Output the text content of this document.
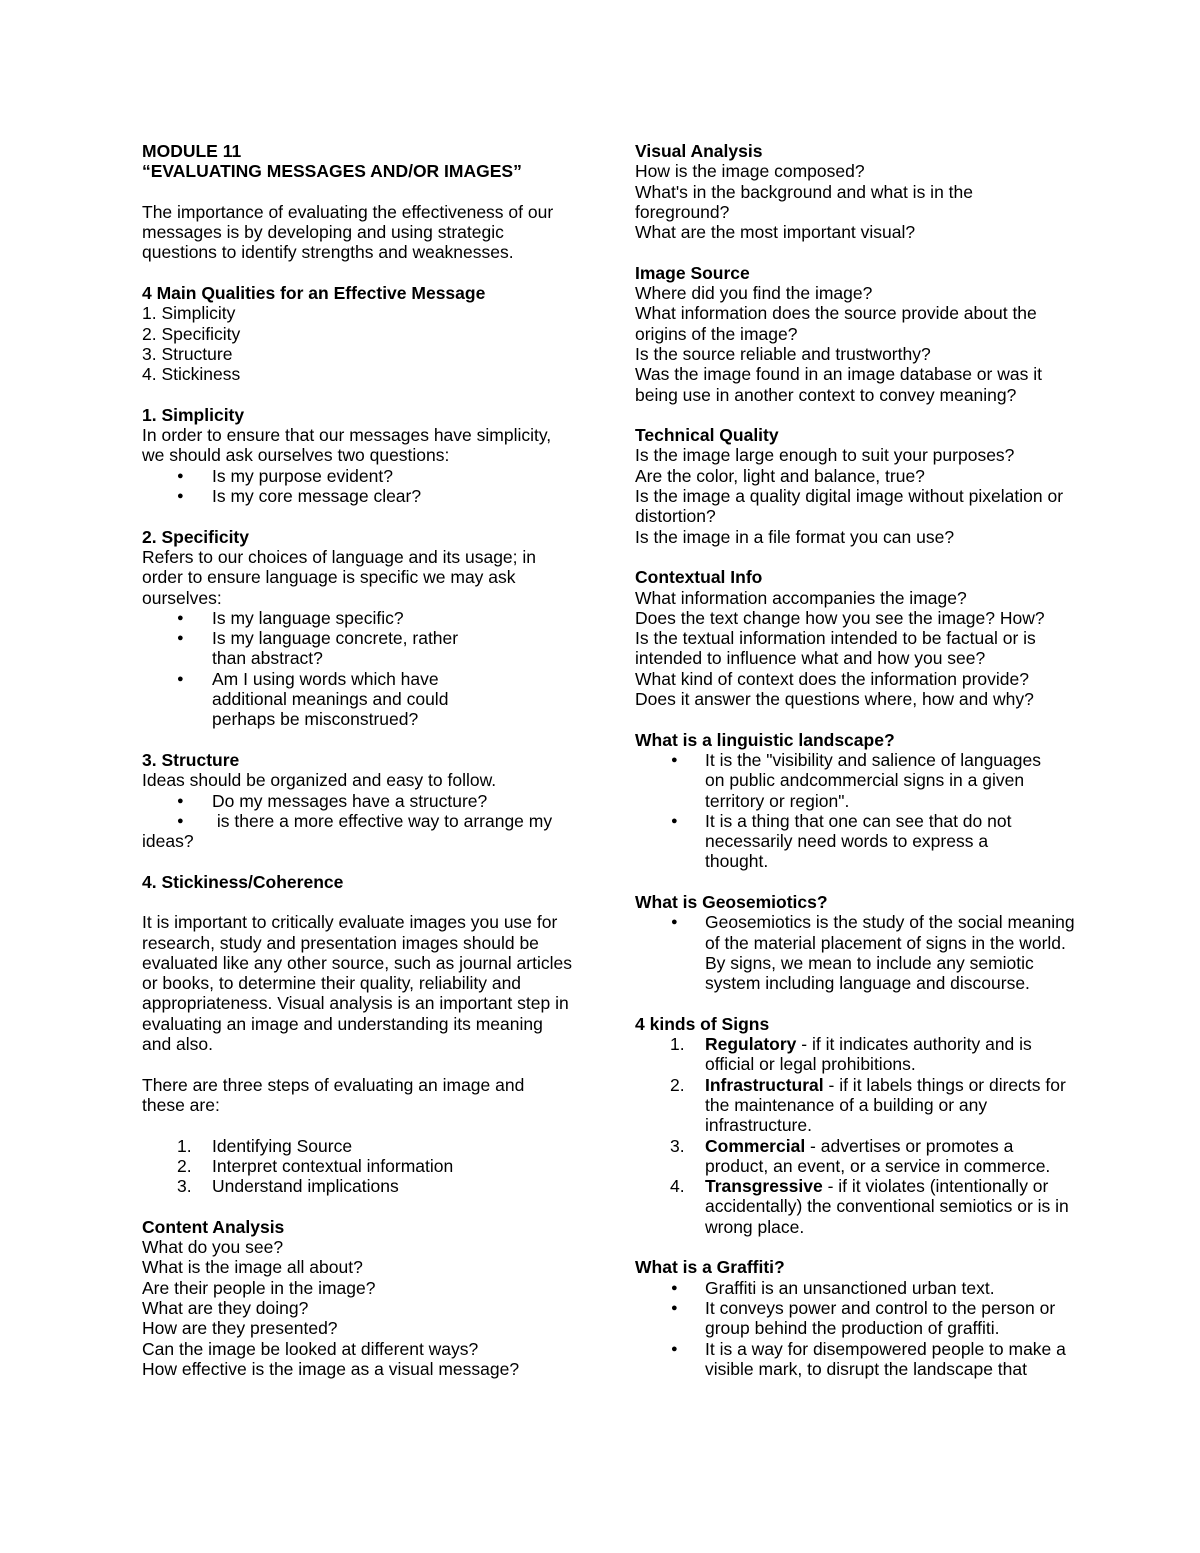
MODULE 11

“EVALUATING MESSAGES AND/OR IMAGES”

The importance of evaluating the effectiveness of our messages is by developing and using strategic questions to identify strengths and weaknesses.

4 Main Qualities for an Effective Message

1. Simplicity

2. Specificity

3. Structure

4. Stickiness

1. Simplicity

In order to ensure that our messages have simplicity, we should ask ourselves two questions:

● Is my purpose evident?
● Is my core message clear?

2. Specificity

Refers to our choices of language and its usage; in order to ensure language is specific we may ask ourselves:

● Is my language specific?
● Is my language concrete, rather than abstract?
● Am I using words which have additional meanings and could perhaps be misconstrued?

3. Structure

Ideas should be organized and easy to follow.

● Do my messages have a structure?
●  is there a more effective way to arrange my

ideas?

4. Stickiness/Coherence

It is important to critically evaluate images you use for research, study and presentation images should be evaluated like any other source, such as journal articles or books, to determine their quality, reliability and appropriateness. Visual analysis is an important step in evaluating an image and understanding its meaning and also.

There are three steps of evaluating an image and these are:

1. Identifying Source
2. Interpret contextual information
3. Understand implications

Content Analysis

What do you see?

What is the image all about?

Are their people in the image?

What are they doing?

How are they presented?

Can the image be looked at different ways?

How effective is the image as a visual message?

Visual Analysis

How is the image composed?

What's in the background and what is in the foreground?

What are the most important visual?

Image Source

Where did you find the image?

What information does the source provide about the origins of the image?

Is the source reliable and trustworthy?

Was the image found in an image database or was it being use in another context to convey meaning?

Technical Quality

Is the image large enough to suit your purposes?

Are the color, light and balance, true?

Is the image a quality digital image without pixelation or distortion?

Is the image in a file format you can use?

Contextual Info

What information accompanies the image?

Does the text change how you see the image? How?

Is the textual information intended to be factual or is intended to influence what and how you see?

What kind of context does the information provide?

Does it answer the questions where, how and why?

What is a linguistic landscape?

● It is the "visibility and salience of languages on public andcommercial signs in a given territory or region".
● It is a thing that one can see that do not necessarily need words to express a thought.

What is Geosemiotics?

● Geosemiotics is the study of the social meaning of the material placement of signs in the world. By signs, we mean to include any semiotic system including language and discourse.

4 kinds of Signs

1. Regulatory - if it indicates authority and is official or legal prohibitions.
2. Infrastructural - if it labels things or directs for the maintenance of a building or any infrastructure.
3. Commercial - advertises or promotes a product, an event, or a service in commerce.
4. Transgressive - if it violates (intentionally or accidentally) the conventional semiotics or is in wrong place.

What is a Graffiti?

● Graffiti is an unsanctioned urban text.
● It conveys power and control to the person or group behind the production of graffiti.
● It is a way for disempowered people to make a visible mark, to disrupt the landscape that
